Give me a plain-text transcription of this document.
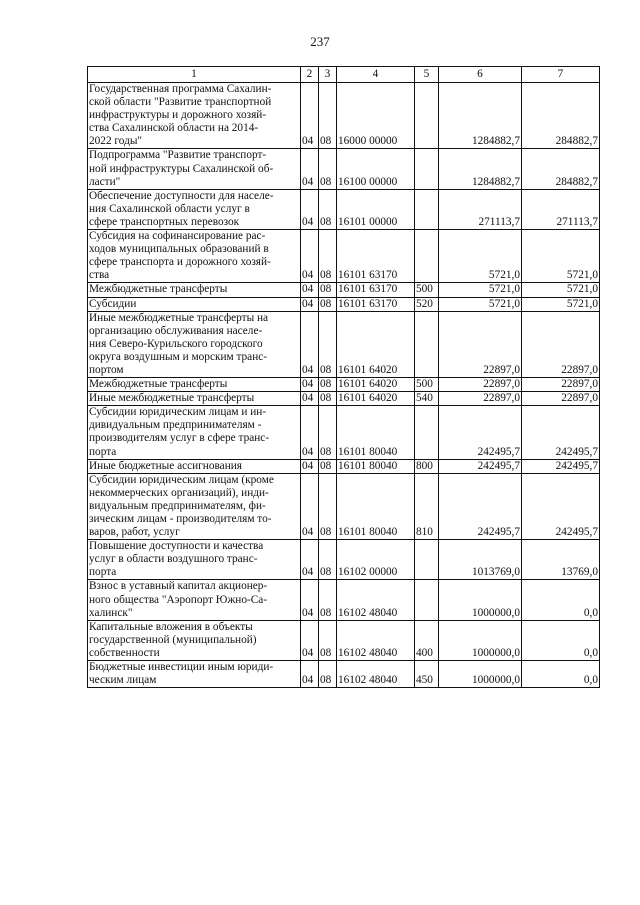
237
1	2	3	4	5	6	7

Государственная программа Сахалин-
ской области "Развитие транспортной
инфраструктуры и дорожного хозяй-
ства Сахалинской области на 2014-
2022 годы"	04	08	16000 00000		1284882,7	284882,7

Подпрограмма "Развитие транспорт-
ной инфраструктуры Сахалинской об-
ласти"	04	08	16100 00000		1284882,7	284882,7

Обеспечение доступности для населе-
ния Сахалинской области услуг в
сфере транспортных перевозок	04	08	16101 00000		271113,7	271113,7

Субсидия на софинансирование рас-
ходов муниципальных образований в
сфере транспорта и дорожного хозяй-
ства	04	08	16101 63170		5721,0	5721,0

Межбюджетные трансферты	04	08	16101 63170	500	5721,0	5721,0

Субсидии	04	08	16101 63170	520	5721,0	5721,0

Иные межбюджетные трансферты на
организацию обслуживания населе-
ния Северо-Курильского городского
округа воздушным и морским транс-
портом	04	08	16101 64020		22897,0	22897,0

Межбюджетные трансферты	04	08	16101 64020	500	22897,0	22897,0

Иные межбюджетные трансферты	04	08	16101 64020	540	22897,0	22897,0

Субсидии юридическим лицам и ин-
дивидуальным предпринимателям -
производителям услуг в сфере транс-
порта	04	08	16101 80040		242495,7	242495,7

Иные бюджетные ассигнования	04	08	16101 80040	800	242495,7	242495,7

Субсидии юридическим лицам (кроме
некоммерческих организаций), инди-
видуальным предпринимателям, фи-
зическим лицам - производителям то-
варов, работ, услуг	04	08	16101 80040	810	242495,7	242495,7

Повышение доступности и качества
услуг в области воздушного транс-
порта	04	08	16102 00000		1013769,0	13769,0

Взнос в уставный капитал акционер-
ного общества "Аэропорт Южно-Са-
халинск"	04	08	16102 48040		1000000,0	0,0

Капитальные вложения в объекты
государственной (муниципальной)
собственности	04	08	16102 48040	400	1000000,0	0,0

Бюджетные инвестиции иным юриди-
ческим лицам	04	08	16102 48040	450	1000000,0	0,0
